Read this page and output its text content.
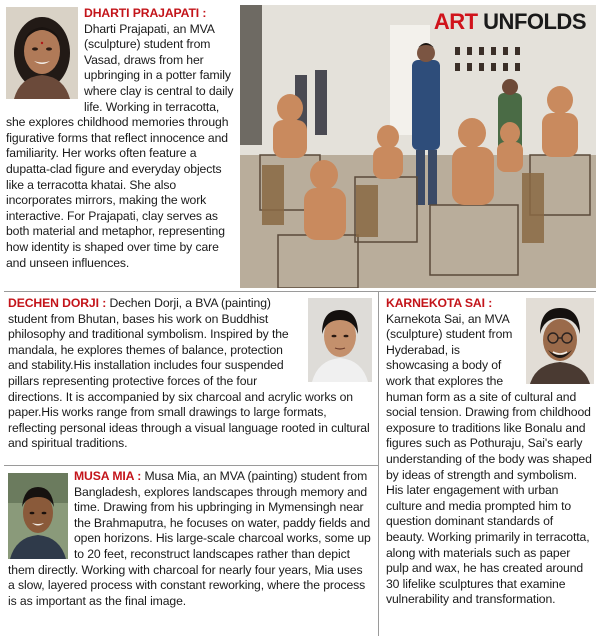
DHARTI PRAJAPATI : Dharti Prajapati, an MVA (sculpture) student from Vasad, draws from her upbringing in a potter family where clay is central to daily life. Working in terracotta, she explores childhood memories through figurative forms that reflect innocence and familiarity. Her works often feature a dupatta-clad figure and everyday objects like a terracotta khatai. She also incorporates mirrors, making the work interactive. For Prajapati, clay serves as both material and metaphor, representing how identity is shaped over time by care and unseen influences.
ART UNFOLDS
DECHEN DORJI : Dechen Dorji, a BVA (painting) student from Bhutan, bases his work on Buddhist philosophy and traditional symbolism. Inspired by the mandala, he explores themes of balance, protection and stability.His installation includes four suspended pillars representing protective forces of the four directions. It is accompanied by six charcoal and acrylic works on paper.His works range from small drawings to large formats, reflecting personal ideas through a visual language rooted in cultural and spiritual traditions.
MUSA MIA : Musa Mia, an MVA (painting) student from Bangladesh, explores landscapes through memory and time. Drawing from his upbringing in Mymensingh near the Brahmaputra, he focuses on water, paddy fields and open horizons. His large-scale charcoal works, some up to 20 feet, reconstruct landscapes rather than depict them directly. Working with charcoal for nearly four years, Mia uses a slow, layered process with constant reworking, where the process is as important as the final image.
KARNEKOTA SAI : Karnekota Sai, an MVA (sculpture) student from Hyderabad, is showcasing a body of work that explores the human form as a site of cultural and social tension. Drawing from childhood exposure to traditions like Bonalu and figures such as Pothuraju, Sai's early understanding of the body was shaped by ideas of strength and symbolism. His later engagement with urban culture and media prompted him to question dominant standards of beauty. Working primarily in terracotta, along with materials such as paper pulp and wax, he has created around 30 lifelike sculptures that examine vulnerability and transformation.
